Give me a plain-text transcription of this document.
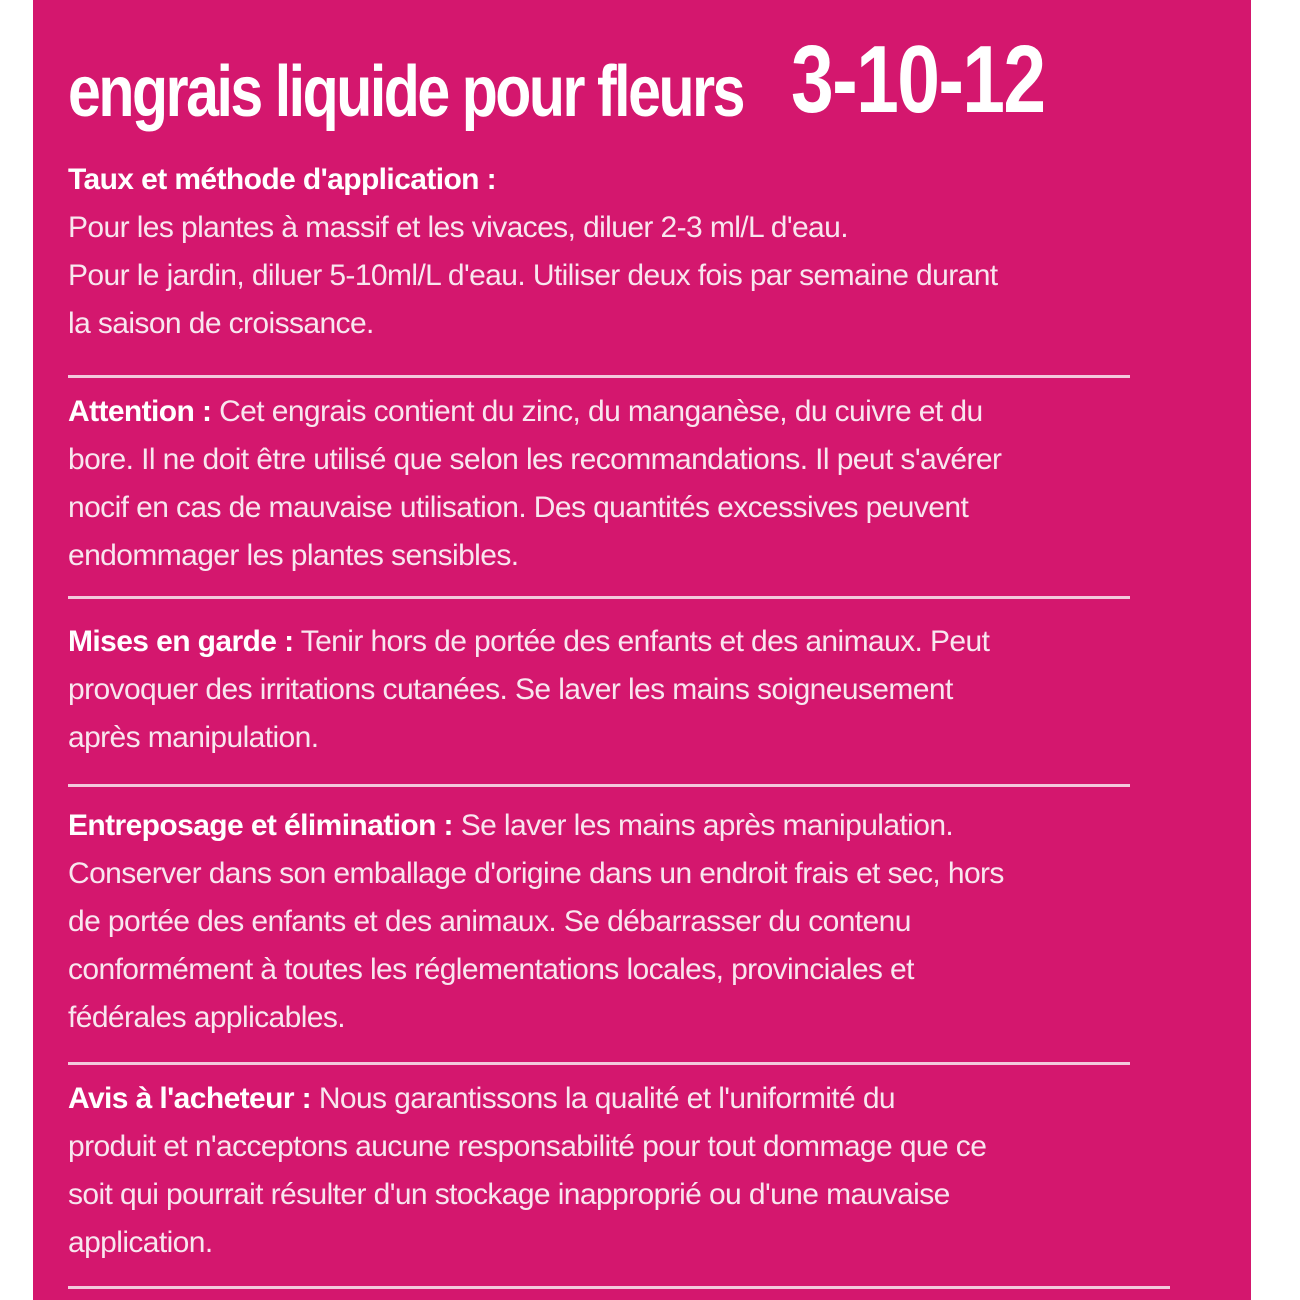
engrais liquide pour fleurs 3-10-12
Taux et méthode d'application :
Pour les plantes à massif et les vivaces, diluer 2-3 ml/L d'eau.
Pour le jardin, diluer 5-10ml/L d'eau. Utiliser deux fois par semaine durant
la saison de croissance.
Attention : Cet engrais contient du zinc, du manganèse, du cuivre et du
bore. Il ne doit être utilisé que selon les recommandations. Il peut s'avérer
nocif en cas de mauvaise utilisation. Des quantités excessives peuvent
endommager les plantes sensibles.
Mises en garde : Tenir hors de portée des enfants et des animaux. Peut
provoquer des irritations cutanées. Se laver les mains soigneusement
après manipulation.
Entreposage et élimination : Se laver les mains après manipulation.
Conserver dans son emballage d'origine dans un endroit frais et sec, hors
de portée des enfants et des animaux. Se débarrasser du contenu
conformément à toutes les réglementations locales, provinciales et
fédérales applicables.
Avis à l'acheteur : Nous garantissons la qualité et l'uniformité du
produit et n'acceptons aucune responsabilité pour tout dommage que ce
soit qui pourrait résulter d'un stockage inapproprié ou d'une mauvaise
application.
